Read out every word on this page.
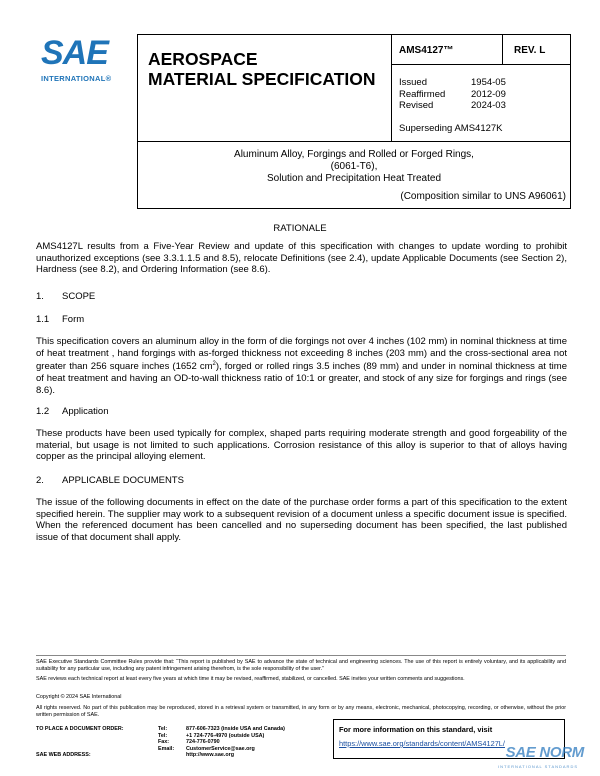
SAE
INTERNATIONAL®
AEROSPACE
MATERIAL SPECIFICATION
AMS4127™	REV. L
Issued	1954-05
Reaffirmed	2012-09
Revised	2024-03
Superseding AMS4127K
Aluminum Alloy, Forgings and Rolled or Forged Rings,
(6061-T6),
Solution and Precipitation Heat Treated
(Composition similar to UNS A96061)
RATIONALE
AMS4127L results from a Five-Year Review and update of this specification with changes to update wording to prohibit unauthorized exceptions (see 3.3.1.1.5 and 8.5), relocate Definitions (see 2.4), update Applicable Documents (see Section 2), Hardness (see 8.2), and Ordering Information (see 8.6).
1. SCOPE
1.1 Form
This specification covers an aluminum alloy in the form of die forgings not over 4 inches (102 mm) in nominal thickness at time of heat treatment , hand forgings with as-forged thickness not exceeding 8 inches (203 mm) and the cross-sectional area not greater than 256 square inches (1652 $cm^2$), forged or rolled rings 3.5 inches (89 mm) and under in nominal thickness at time of heat treatment and having an OD-to-wall thickness ratio of 10:1 or greater, and stock of any size for forgings and rings (see 8.6).
1.2 Application
These products have been used typically for complex, shaped parts requiring moderate strength and good forgeability of the material, but usage is not limited to such applications. Corrosion resistance of this alloy is superior to that of alloys having copper as the principal alloying element.
2. APPLICABLE DOCUMENTS
The issue of the following documents in effect on the date of the purchase order forms a part of this specification to the extent specified herein. The supplier may work to a subsequent revision of a document unless a specific document issue is specified. When the referenced document has been cancelled and no superseding document has been specified, the last published issue of that document shall apply.
SAE Executive Standards Committee Rules provide that: “This report is published by SAE to advance the state of technical and engineering sciences. The use of this report is entirely voluntary, and its applicability and suitability for any particular use, including any patent infringement arising therefrom, is the sole responsibility of the user.”
SAE reviews each technical report at least every five years at which time it may be revised, reaffirmed, stabilized, or cancelled. SAE invites your written comments and suggestions.
Copyright © 2024 SAE International
All rights reserved. No part of this publication may be reproduced, stored in a retrieval system or transmitted, in any form or by any means, electronic, mechanical, photocopying, recording, or otherwise, without the prior written permission of SAE.
TO PLACE A DOCUMENT ORDER:	Tel:	877-606-7323 (inside USA and Canada)
Tel:	+1 724-776-4970 (outside USA)
Fax:	724-776-0790
Email:	CustomerService@sae.org
SAE WEB ADDRESS:	http://www.sae.org
For more information on this standard, visit
https://www.sae.org/standards/content/AMS4127L/
SAE NORM
INTERNATIONAL STANDARDS
